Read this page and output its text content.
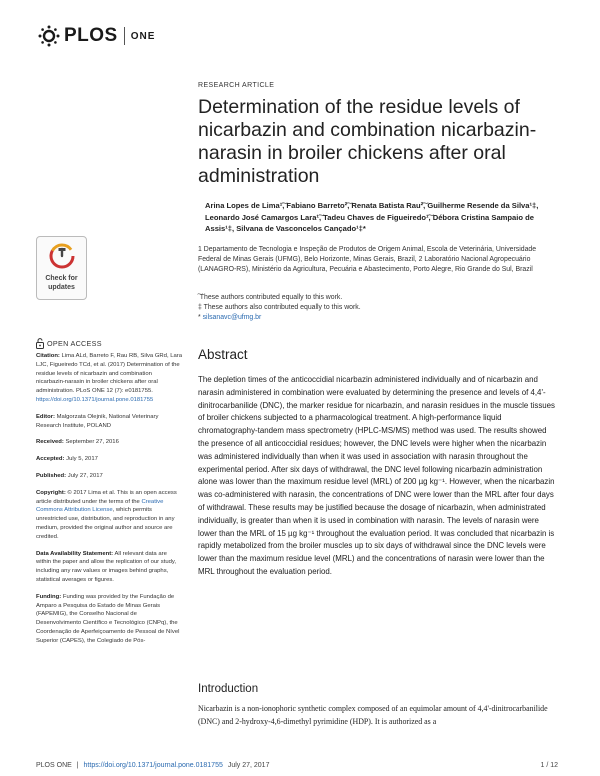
PLOS ONE
RESEARCH ARTICLE
Determination of the residue levels of nicarbazin and combination nicarbazin-narasin in broiler chickens after oral administration
Arina Lopes de Lima¹͠, Fabiano Barreto²͠, Renata Batista Rau²͠, Guilherme Resende da Silva¹‡, Leonardo José Camargos Lara¹͠, Tadeu Chaves de Figueiredo¹͠, Débora Cristina Sampaio de Assis¹‡, Silvana de Vasconcelos Cançado¹‡*
1 Departamento de Tecnologia e Inspeção de Produtos de Origem Animal, Escola de Veterinária, Universidade Federal de Minas Gerais (UFMG), Belo Horizonte, Minas Gerais, Brazil, 2 Laboratório Nacional Agropecuário (LANAGRO-RS), Ministério da Agricultura, Pecuária e Abastecimento, Porto Alegre, Rio Grande do Sul, Brazil
͠ These authors contributed equally to this work.
‡ These authors also contributed equally to this work.
* silsanavc@ufmg.br
Abstract
The depletion times of the anticoccidial nicarbazin administered individually and of nicarbazin and narasin administered in combination were evaluated by determining the presence and levels of 4,4'-dinitrocarbanilide (DNC), the marker residue for nicarbazin, and narasin residues in the muscle tissues of broiler chickens subjected to a pharmacological treatment. A high-performance liquid chromatography-tandem mass spectrometry (HPLC-MS/MS) method was used. The results showed the presence of all anticoccidial residues; however, the DNC levels were higher when the nicarbazin was administered individually than when it was used in association with narasin throughout the experimental period. After six days of withdrawal, the DNC level following nicarbazin administration alone was lower than the maximum residue level (MRL) of 200 µg kg⁻¹. However, when the nicarbazin was co-administered with narasin, the concentrations of DNC were lower than the MRL after four days of withdrawal. These results may be justified because the dosage of nicarbazin, when administrated individually, is greater than when it is used in combination with narasin. The levels of narasin were lower than the MRL of 15 µg kg⁻¹ throughout the evaluation period. It was concluded that nicarbazin is rapidly metabolized from the broiler muscles up to six days of withdrawal since the DNC levels were lower than the maximum residue level (MRL) and the concentrations of narasin were lower than the MRL throughout the evaluation period.
Introduction
Nicarbazin is a non-ionophoric synthetic complex composed of an equimolar amount of 4,4'-dinitrocarbanilide (DNC) and 2-hydroxy-4,6-dimethyl pyrimidine (HDP). It is authorized as a
Check for
updates
OPEN ACCESS
Citation: Lima ALd, Barreto F, Rau RB, Silva GRd, Lara LJC, Figueiredo TCd, et al. (2017) Determination of the residue levels of nicarbazin and combination nicarbazin-narasin in broiler chickens after oral administration. PLoS ONE 12 (7): e0181755. https://doi.org/10.1371/journal.pone.0181755
Editor: Malgorzata Olejnik, National Veterinary Research Institute, POLAND
Received: September 27, 2016
Accepted: July 5, 2017
Published: July 27, 2017
Copyright: © 2017 Lima et al. This is an open access article distributed under the terms of the Creative Commons Attribution License, which permits unrestricted use, distribution, and reproduction in any medium, provided the original author and source are credited.
Data Availability Statement: All relevant data are within the paper and allow the replication of our study, including any raw values or images behind graphs, statistical averages or figures.
Funding: Funding was provided by the Fundação de Amparo a Pesquisa do Estado de Minas Gerais (FAPEMIG), the Conselho Nacional de Desenvolvimento Científico e Tecnológico (CNPq), the Coordenação de Aperfeiçoamento de Pessoal de Nível Superior (CAPES), the Colegiado de Pós-
PLOS ONE | https://doi.org/10.1371/journal.pone.0181755 July 27, 2017	1 / 12
